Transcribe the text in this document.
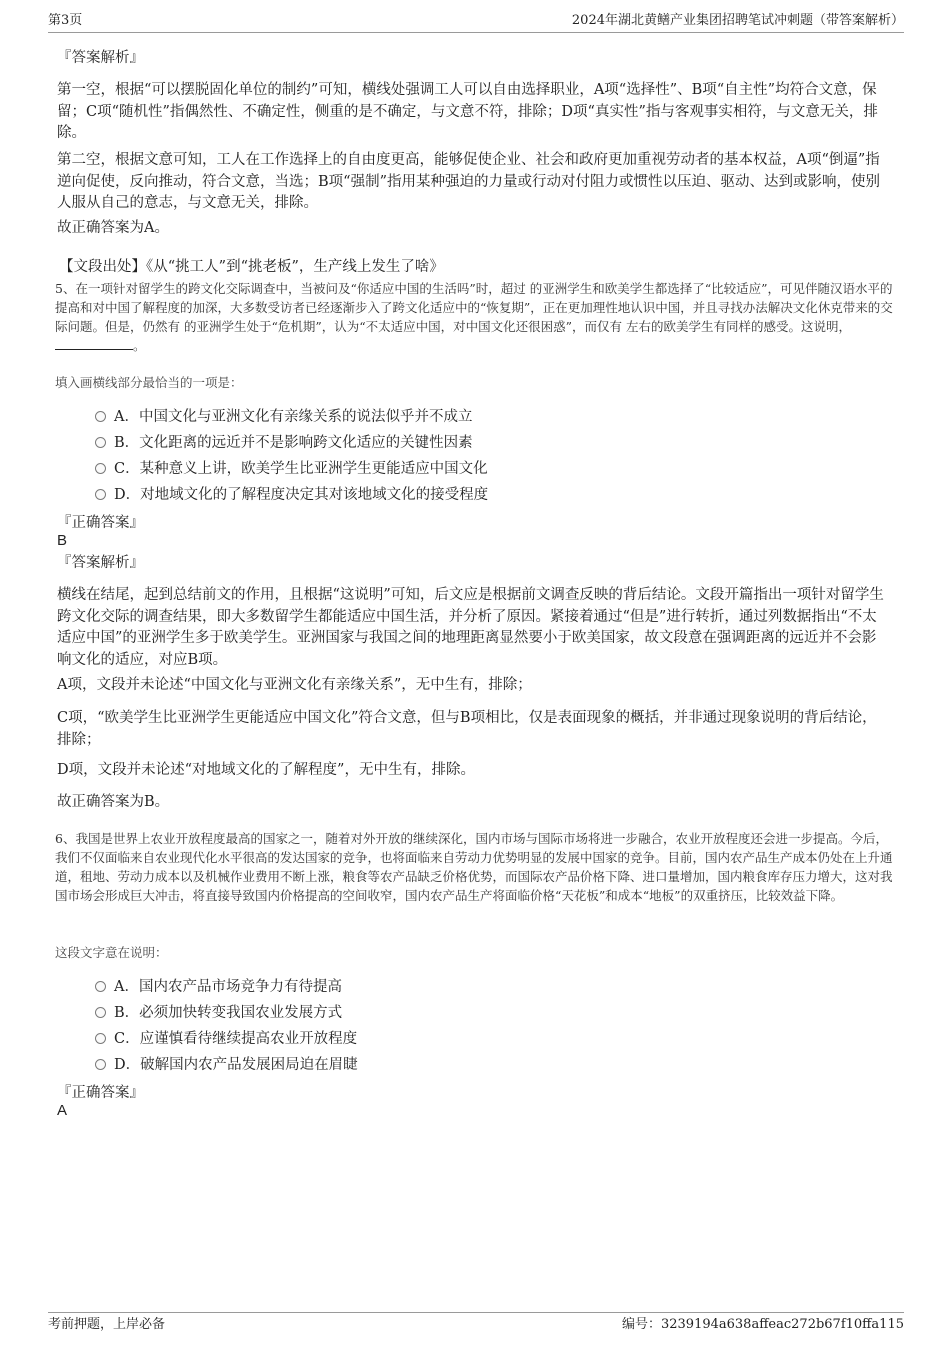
第3页	2024年湖北黄鳝产业集团招聘笔试冲刺题（带答案解析）
『答案解析』
第一空，根据“可以摆脱固化单位的制约”可知，横线处强调工人可以自由选择职业，A项“选择性”、B项“自主性”均符合文意，保留；C项“随机性”指偶然性、不确定性，侧重的是不确定，与文意不符，排除；D项“真实性”指与客观事实相符，与文意无关，排除。
第二空，根据文意可知，工人在工作选择上的自由度更高，能够促使企业、社会和政府更加重视劳动者的基本权益，A项“倒逼”指逆向促使，反向推动，符合文意，当选；B项“强制”指用某种强迫的力量或行动对付阻力或惯性以压迫、驱动、达到或影响，使别人服从自己的意志，与文意无关，排除。
故正确答案为A。
【文段出处】《从“挑工人”到“挑老板”，生产线上发生了啥》
5、在一项针对留学生的跨文化交际调查中，当被问及“你适应中国的生活吗”时，超过 的亚洲学生和欧美学生都选择了“比较适应”，可见伴随汉语水平的提高和对中国了解程度的加深，大多数受访者已经逐渐步入了跨文化适应中的“恢复期”，正在更加理性地认识中国，并且寻找办法解决文化休克带来的交际问题。但是，仍然有 的亚洲学生处于“危机期”，认为“不太适应中国，对中国文化还很困惑”，而仅有 左右的欧美学生有同样的感受。这说明，。
填入画横线部分最恰当的一项是：
A．中国文化与亚洲文化有亲缘关系的说法似乎并不成立
B．文化距离的远近并不是影响跨文化适应的关键性因素
C．某种意义上讲，欧美学生比亚洲学生更能适应中国文化
D．对地域文化的了解程度决定其对该地域文化的接受程度
『正确答案』
B
『答案解析』
横线在结尾，起到总结前文的作用，且根据“这说明”可知，后文应是根据前文调查反映的背后结论。文段开篇指出一项针对留学生跨文化交际的调查结果，即大多数留学生都能适应中国生活，并分析了原因。紧接着通过“但是”进行转折，通过列数据指出“不太适应中国”的亚洲学生多于欧美学生。亚洲国家与我国之间的地理距离显然要小于欧美国家，故文段意在强调距离的远近并不会影响文化的适应，对应B项。
A项，文段并未论述“中国文化与亚洲文化有亲缘关系”，无中生有，排除；
C项，“欧美学生比亚洲学生更能适应中国文化”符合文意，但与B项相比，仅是表面现象的概括，并非通过现象说明的背后结论，排除；
D项，文段并未论述“对地域文化的了解程度”，无中生有，排除。
故正确答案为B。
6、我国是世界上农业开放程度最高的国家之一，随着对外开放的继续深化，国内市场与国际市场将进一步融合，农业开放程度还会进一步提高。今后，我们不仅面临来自农业现代化水平很高的发达国家的竞争，也将面临来自劳动力优势明显的发展中国家的竞争。目前，国内农产品生产成本仍处在上升通道，租地、劳动力成本以及机械作业费用不断上涨，粮食等农产品缺乏价格优势，而国际农产品价格下降、进口量增加，国内粮食库存压力增大，这对我国市场会形成巨大冲击，将直接导致国内价格提高的空间收窄，国内农产品生产将面临价格“天花板”和成本“地板”的双重挤压，比较效益下降。
这段文字意在说明：
A．国内农产品市场竞争力有待提高
B．必须加快转变我国农业发展方式
C．应谨慎看待继续提高农业开放程度
D．破解国内农产品发展困局迫在眉睫
『正确答案』
A
考前押题，上岸必备	编号：3239194a638affeac272b67f10ffa115
